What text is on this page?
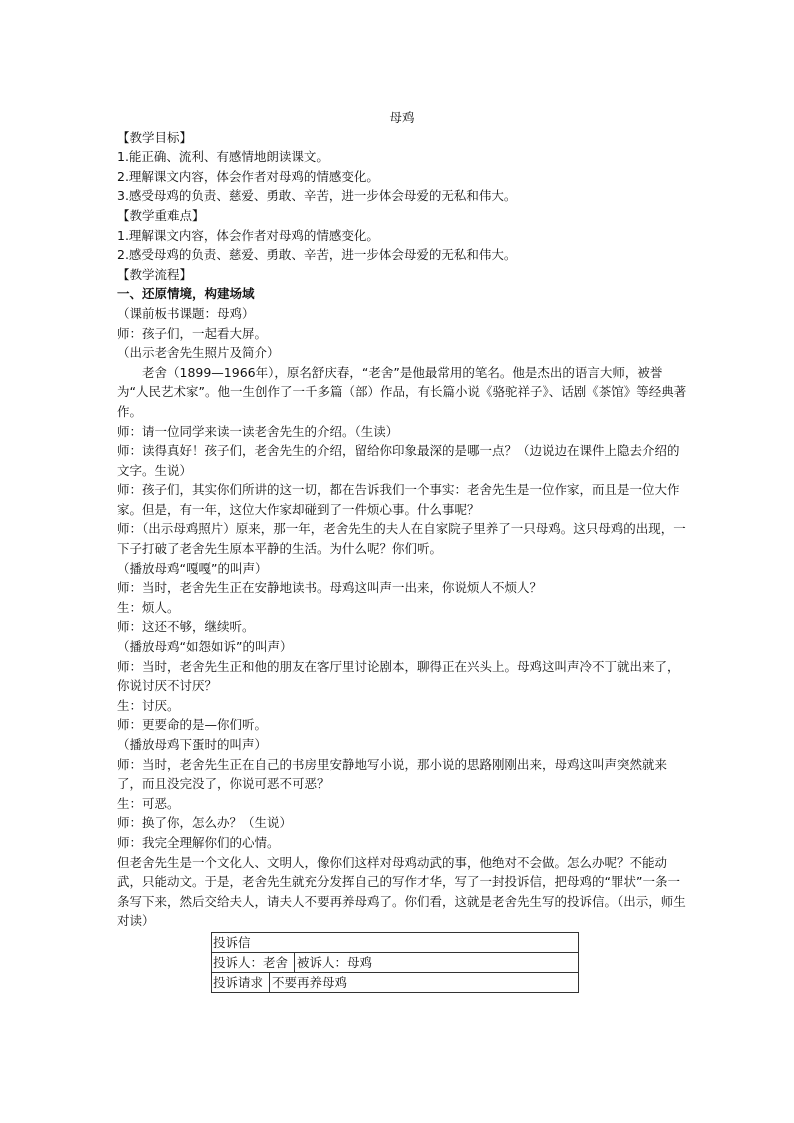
母鸡
【教学目标】
1.能正确、流利、有感情地朗读课文。
2.理解课文内容，体会作者对母鸡的情感变化。
3.感受母鸡的负责、慈爱、勇敢、辛苦，进一步体会母爱的无私和伟大。
【教学重难点】
1.理解课文内容，体会作者对母鸡的情感变化。
2.感受母鸡的负责、慈爱、勇敢、辛苦，进一步体会母爱的无私和伟大。
【教学流程】
一、还原情境，构建场域
（课前板书课题：母鸡）
师：孩子们，一起看大屏。
（出示老舍先生照片及简介）
老舍（1899—1966年），原名舒庆春，“老舍”是他最常用的笔名。他是杰出的语言大师，被誉为“人民艺术家”。他一生创作了一千多篇（部）作品，有长篇小说《骆驼祥子》、话剧《茶馆》等经典著作。
师：请一位同学来读一读老舍先生的介绍。（生读）
师：读得真好！孩子们，老舍先生的介绍，留给你印象最深的是哪一点？（边说边在课件上隐去介绍的文字。生说）
师：孩子们，其实你们所讲的这一切，都在告诉我们一个事实：老舍先生是一位作家，而且是一位大作家。但是，有一年，这位大作家却碰到了一件烦心事。什么事呢？
师：（出示母鸡照片）原来，那一年，老舍先生的夫人在自家院子里养了一只母鸡。这只母鸡的出现，一下子打破了老舍先生原本平静的生活。为什么呢？你们听。
（播放母鸡“嘎嘎”的叫声）
师：当时，老舍先生正在安静地读书。母鸡这叫声一出来，你说烦人不烦人？
生：烦人。
师：这还不够，继续听。
（播放母鸡“如怨如诉”的叫声）
师：当时，老舍先生正和他的朋友在客厅里讨论剧本，聊得正在兴头上。母鸡这叫声冷不丁就出来了，你说讨厌不讨厌？
生：讨厌。
师：更要命的是—你们听。
（播放母鸡下蛋时的叫声）
师：当时，老舍先生正在自己的书房里安静地写小说，那小说的思路刚刚出来，母鸡这叫声突然就来了，而且没完没了，你说可恶不可恶？
生：可恶。
师：换了你，怎么办？（生说）
师：我完全理解你们的心情。
但老舍先生是一个文化人、文明人，像你们这样对母鸡动武的事，他绝对不会做。怎么办呢？不能动武，只能动文。于是，老舍先生就充分发挥自己的写作才华，写了一封投诉信，把母鸡的“罪状”一条一条写下来，然后交给夫人，请夫人不要再养母鸡了。你们看，这就是老舍先生写的投诉信。（出示，师生对读）
投诉信
投诉人：老舍 被诉人：母鸡
投诉请求 不要再养母鸡
